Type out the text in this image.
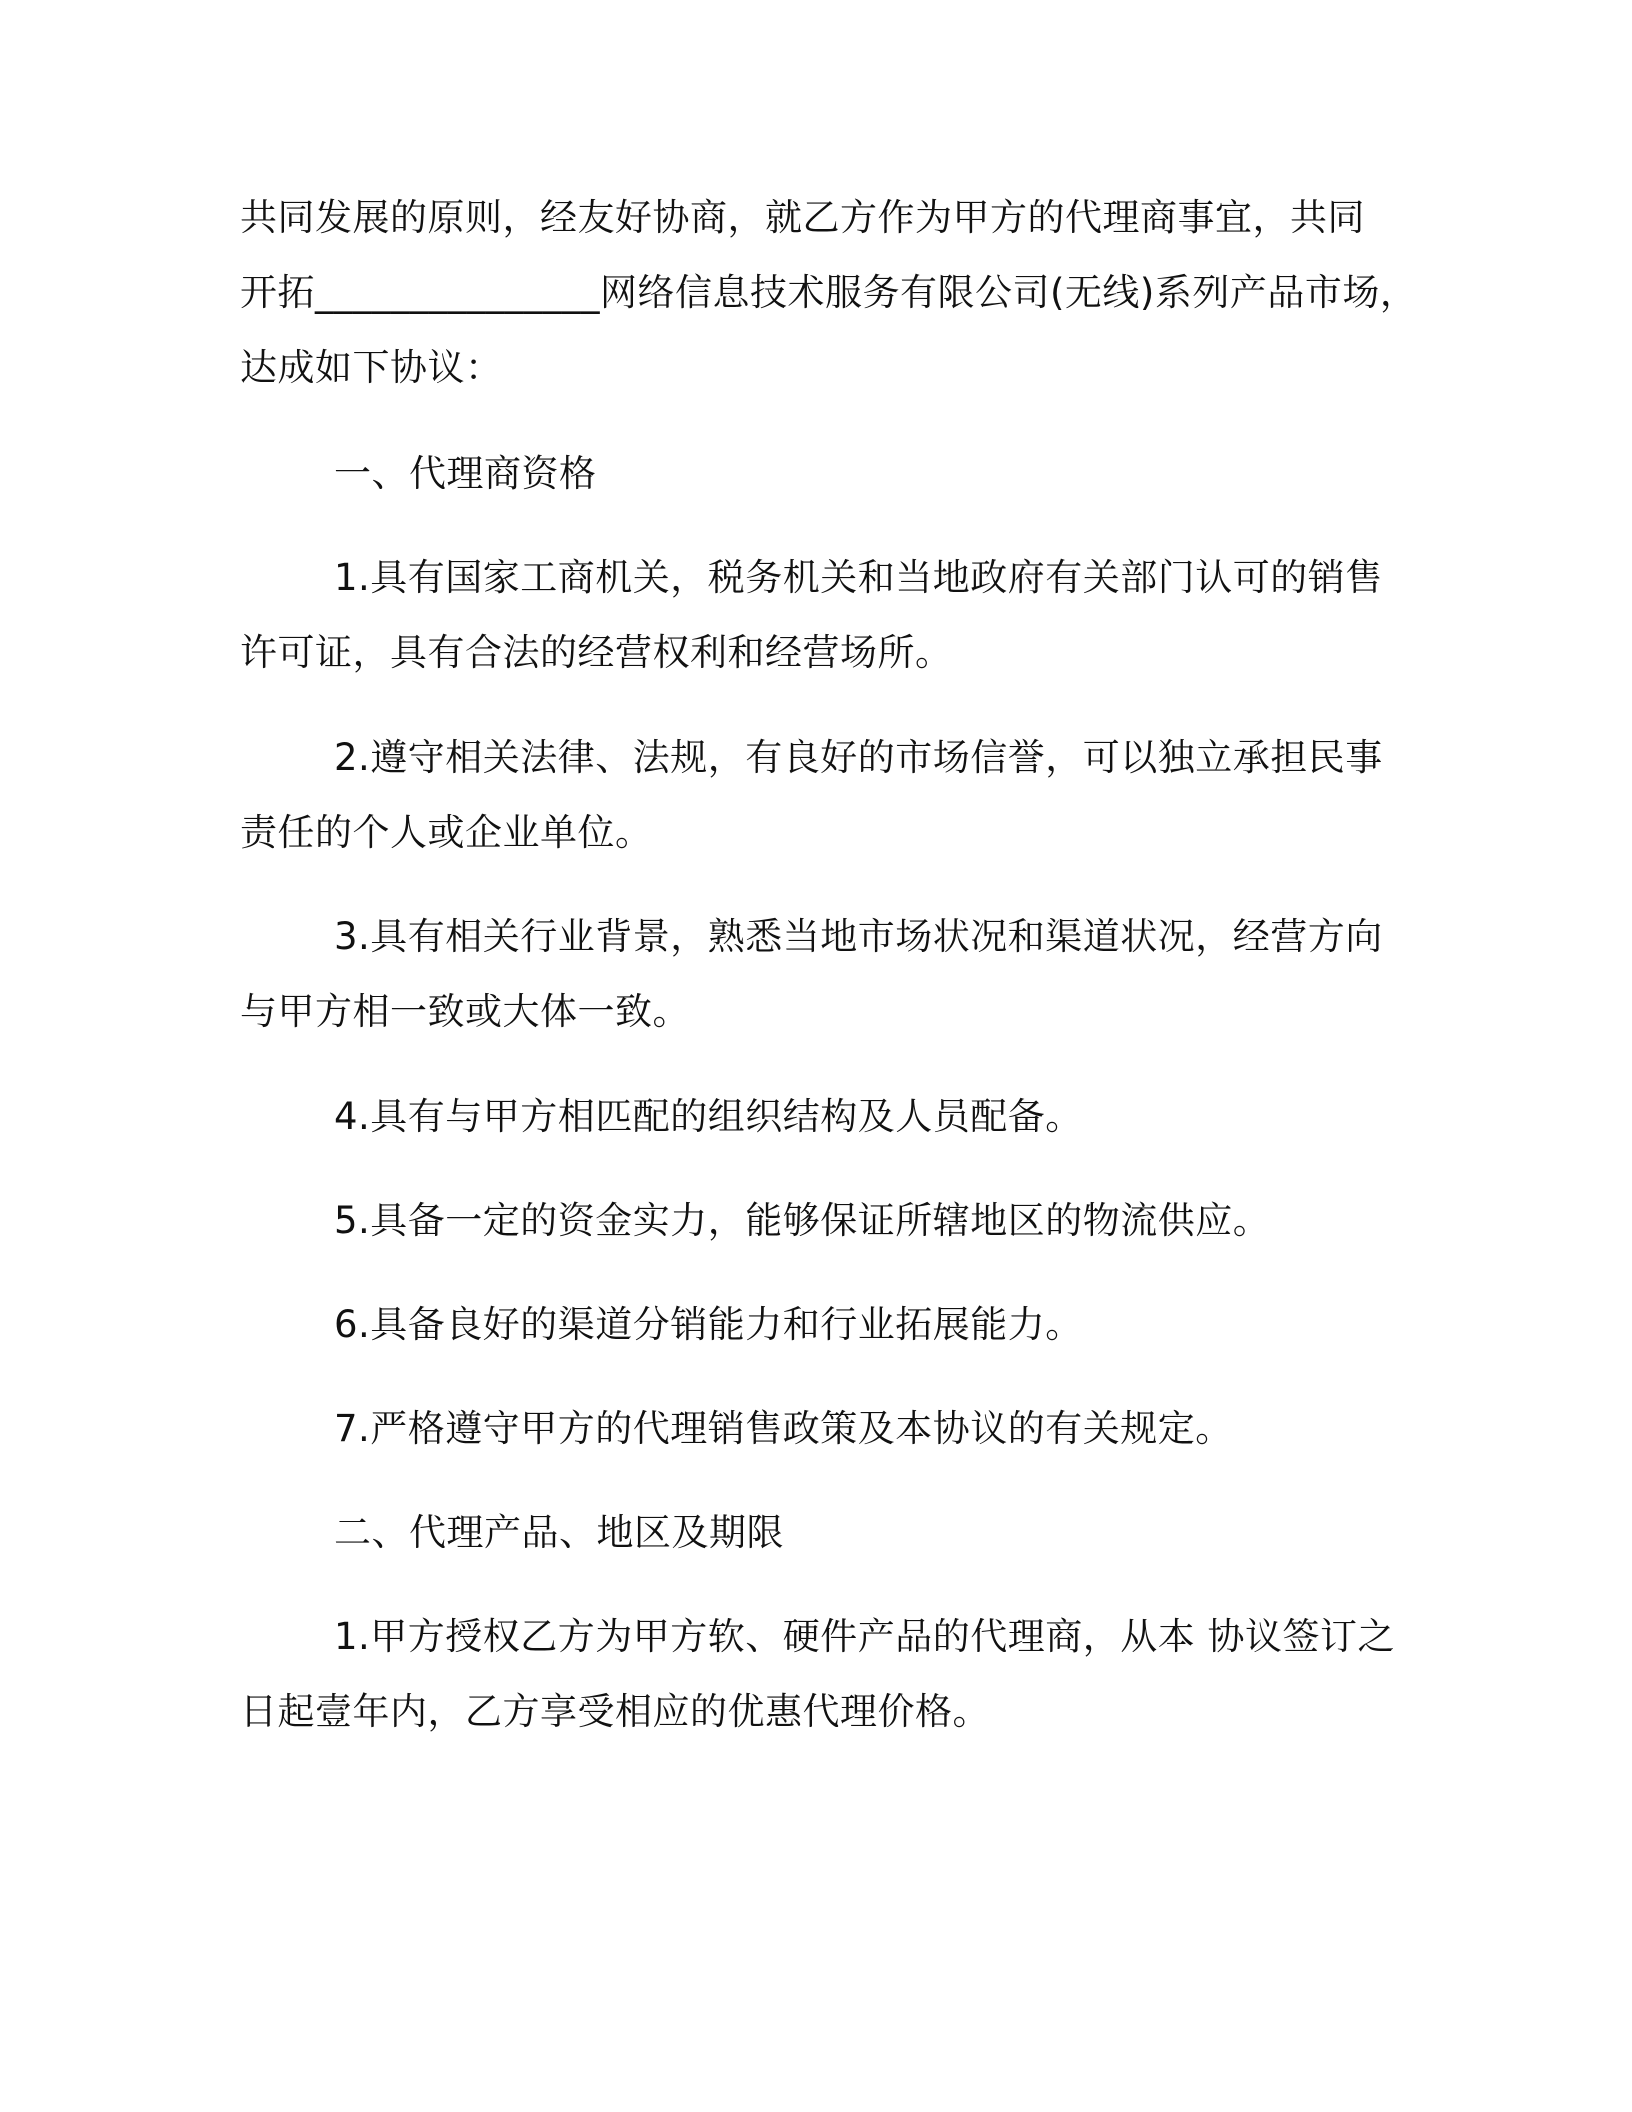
共同发展的原则，经友好协商，就乙方作为甲方的代理商事宜，共同
开拓_______________网络信息技术服务有限公司(无线)系列产品市场，
达成如下协议：
一、代理商资格
1.具有国家工商机关，税务机关和当地政府有关部门认可的销售
许可证，具有合法的经营权利和经营场所。
2.遵守相关法律、法规，有良好的市场信誉，可以独立承担民事
责任的个人或企业单位。
3.具有相关行业背景，熟悉当地市场状况和渠道状况，经营方向
与甲方相一致或大体一致。
4.具有与甲方相匹配的组织结构及人员配备。
5.具备一定的资金实力，能够保证所辖地区的物流供应。
6.具备良好的渠道分销能力和行业拓展能力。
7.严格遵守甲方的代理销售政策及本协议的有关规定。
二、代理产品、地区及期限
1.甲方授权乙方为甲方软、硬件产品的代理商，从本 协议签订之
日起壹年内，乙方享受相应的优惠代理价格。
